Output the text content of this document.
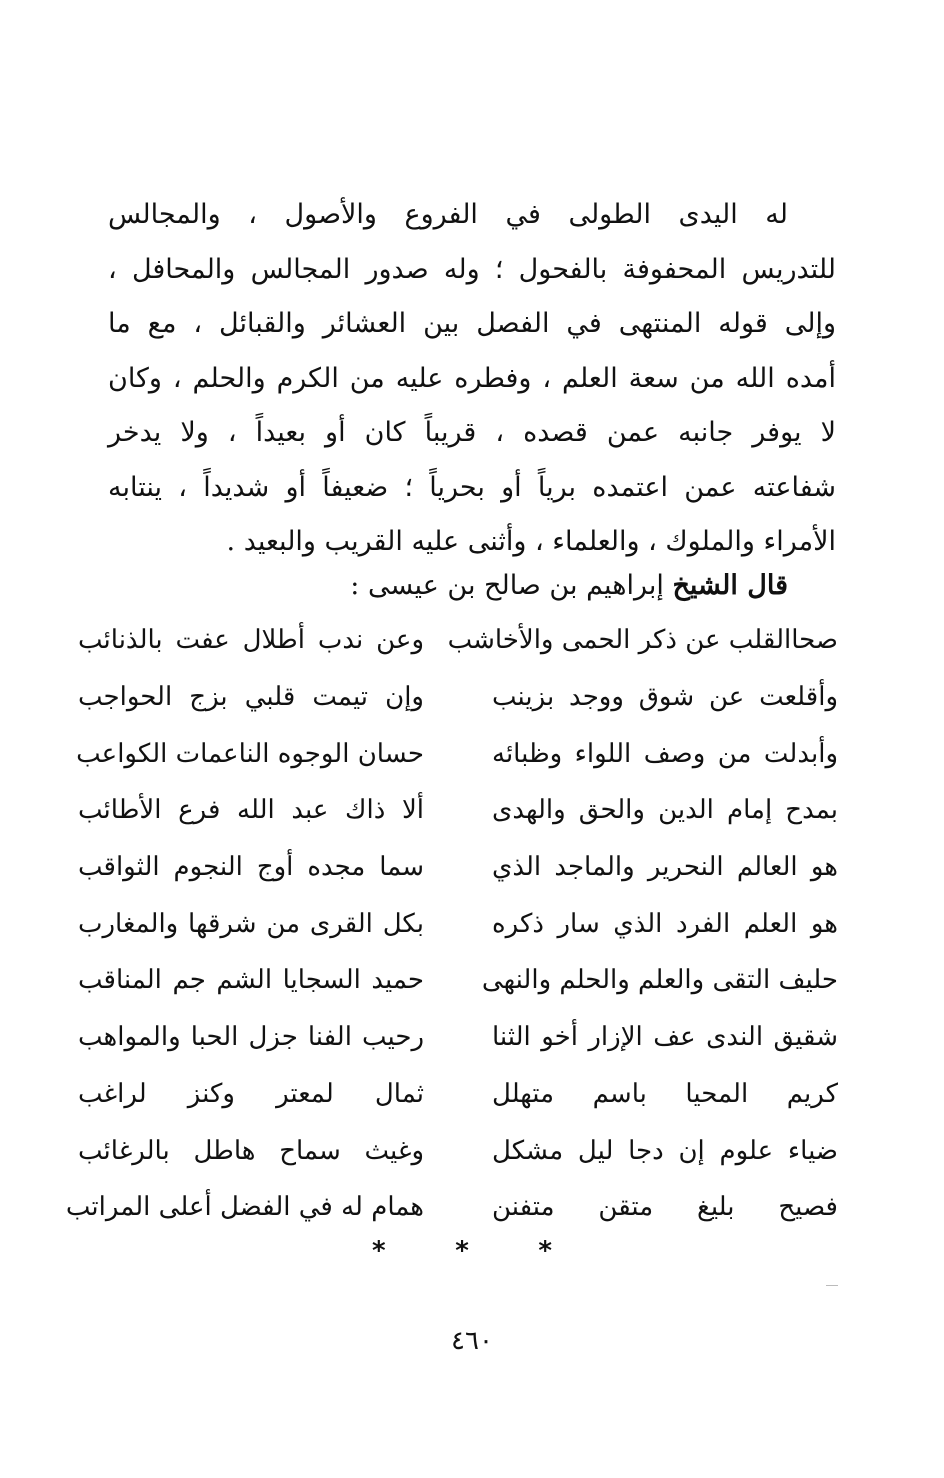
له اليدى الطولى في الفروع والأصول ، والمجالس
للتدريس المحفوفة بالفحول ؛ وله صدور المجالس والمحافل ،
وإلى قوله المنتهى في الفصل بين العشائر والقبائل ، مع ما
أمده الله من سعة العلم ، وفطره عليه من الكرم والحلم ، وكان
لا يوفر جانبه عمن قصده ، قريباً كان أو بعيداً ، ولا يدخر
شفاعته عمن اعتمده برياً أو بحرياً ؛ ضعيفاً أو شديداً ، ينتابه
الأمراء والملوك ، والعلماء ، وأثنى عليه القريب والبعيد .
قال الشيخ إبراهيم بن صالح بن عيسى :
صحاالقلب عن ذكر الحمى والأخاشب
وعن ندب أطلال عفت بالذنائب
وأقلعت عن شوق ووجد بزينب
وإن تيمت قلبي بزج الحواجب
وأبدلت من وصف اللواء وظبائه
حسان الوجوه الناعمات الكواعب
بمدح إمام الدين والحق والهدى
ألا ذاك عبد الله فرع الأطائب
هو العالم النحرير والماجد الذي
سما مجده أوج النجوم الثواقب
هو العلم الفرد الذي سار ذكره
بكل القرى من شرقها والمغارب
حليف التقى والعلم والحلم والنهى
حميد السجايا الشم جم المناقب
شقيق الندى عف الإزار أخو الثنا
رحيب الفنا جزل الحبا والمواهب
كريم المحيا باسم متهلل
ثمال لمعتر وكنز لراغب
ضياء علوم إن دجا ليل مشكل
وغيث سماح هاطل بالرغائب
فصيح بليغ متقن متفنن
همام له في الفضل أعلى المراتب
*	*	*
٤٦٠
